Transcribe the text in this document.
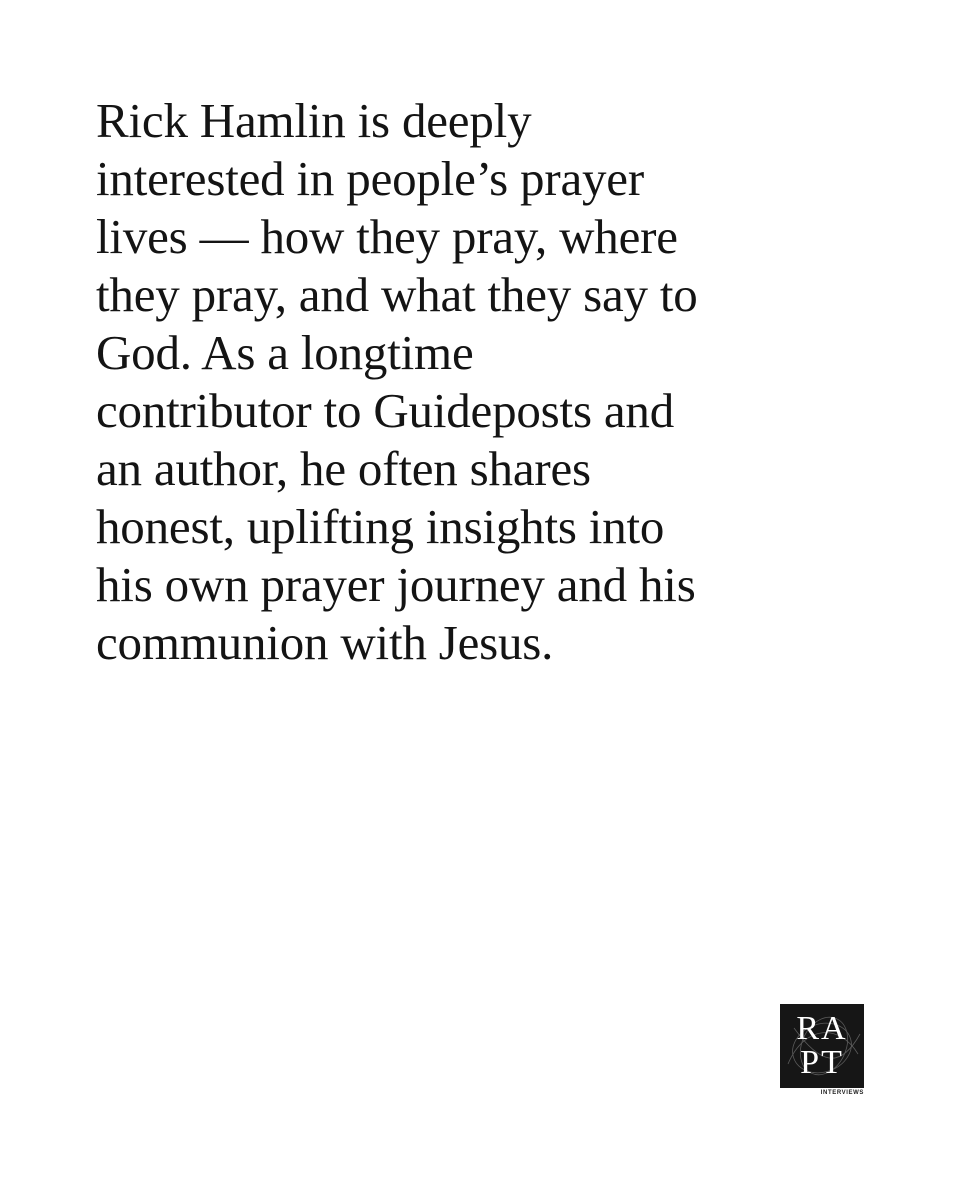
Rick Hamlin is deeply
interested in people’s prayer
lives — how they pray, where
they pray, and what they say to
God. As a longtime
contributor to Guideposts and
an author, he often shares
honest, uplifting insights into
his own prayer journey and his
communion with Jesus.

RA
PT
INTERVIEWS
